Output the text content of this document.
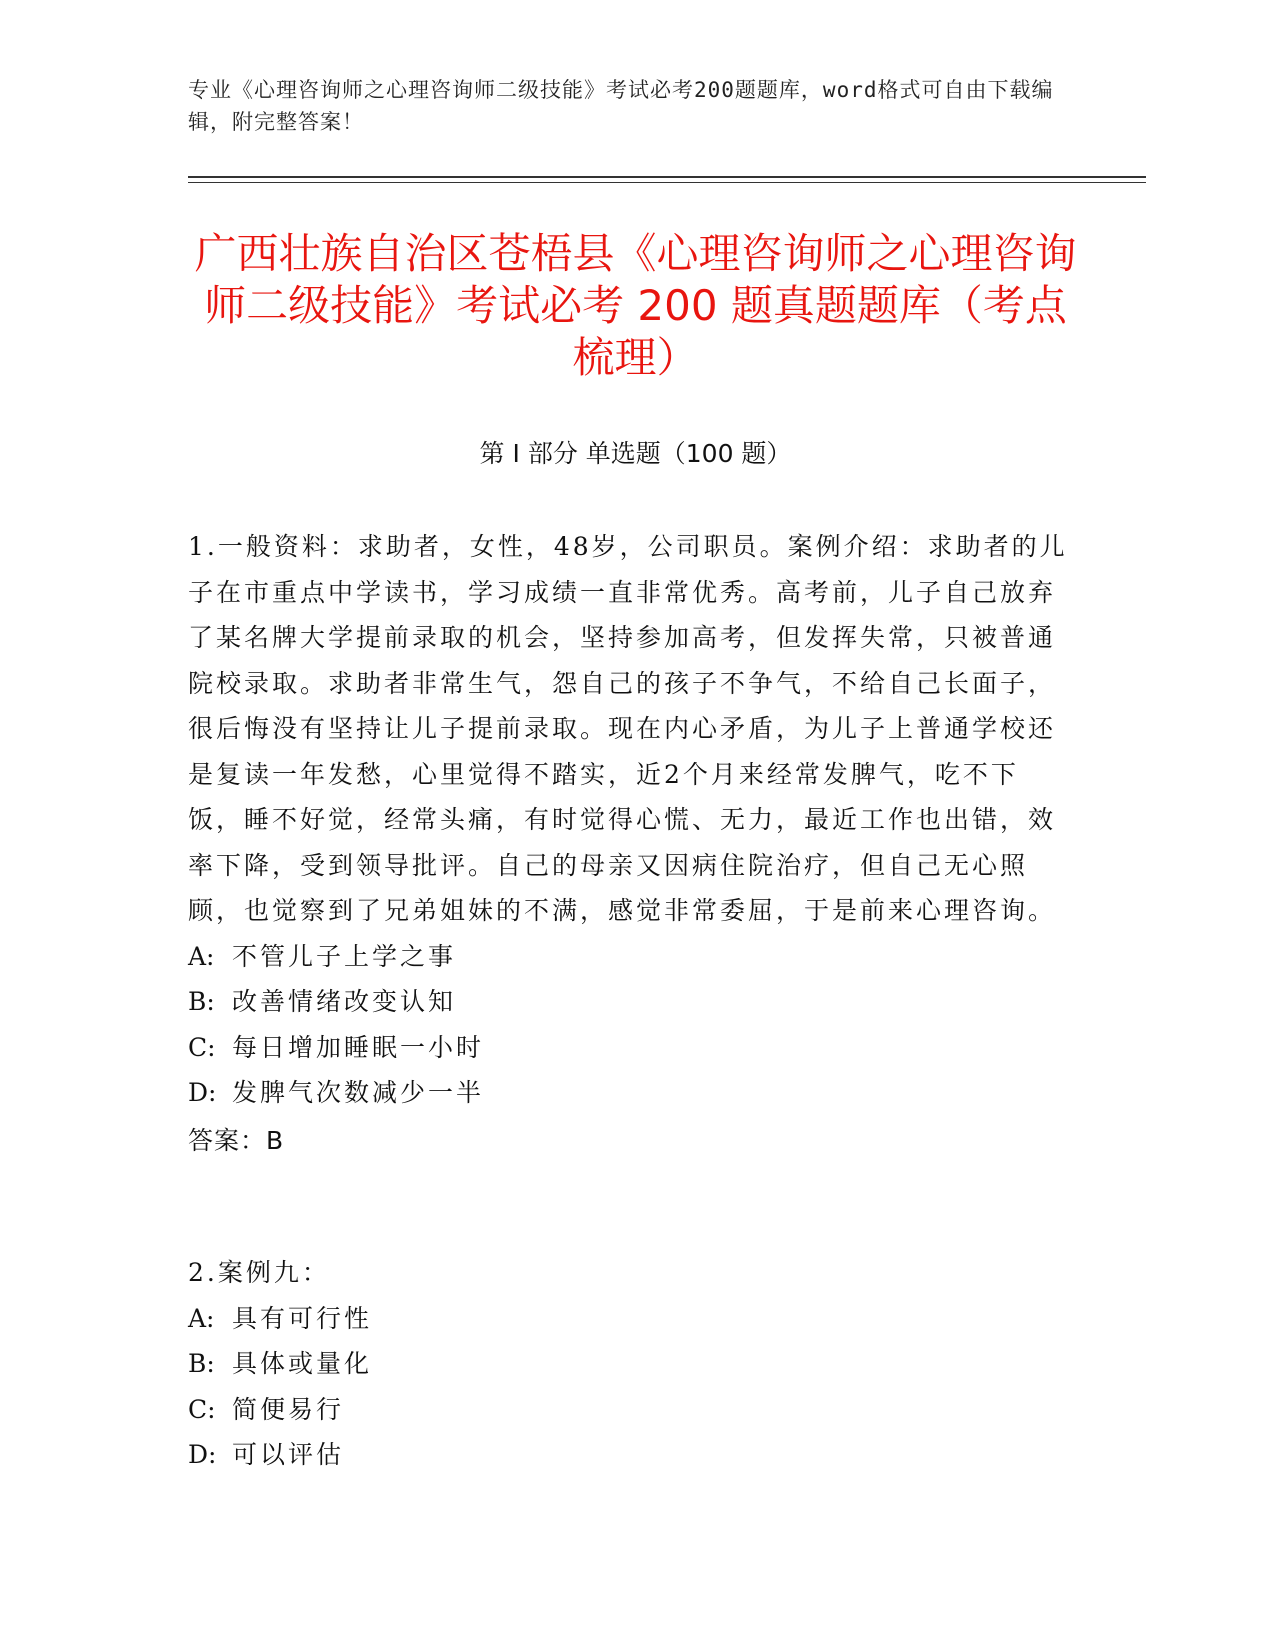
专业《心理咨询师之心理咨询师二级技能》考试必考200题题库，word格式可自由下载编辑，附完整答案！
广西壮族自治区苍梧县《心理咨询师之心理咨询师二级技能》考试必考 200 题真题题库（考点梳理）
第 I 部分 单选题（100 题）
1.一般资料：求助者，女性，48岁，公司职员。案例介绍：求助者的儿子在市重点中学读书，学习成绩一直非常优秀。高考前，儿子自己放弃了某名牌大学提前录取的机会，坚持参加高考，但发挥失常，只被普通院校录取。求助者非常生气，怨自己的孩子不争气，不给自己长面子，很后悔没有坚持让儿子提前录取。现在内心矛盾，为儿子上普通学校还是复读一年发愁，心里觉得不踏实，近2个月来经常发脾气，吃不下饭，睡不好觉，经常头痛，有时觉得心慌、无力，最近工作也出错，效率下降，受到领导批评。自己的母亲又因病住院治疗，但自己无心照顾，也觉察到了兄弟姐妹的不满，感觉非常委屈，于是前来心理咨询。
A: 不管儿子上学之事
B: 改善情绪改变认知
C: 每日增加睡眠一小时
D: 发脾气次数减少一半
答案：B
2.案例九：
A: 具有可行性
B: 具体或量化
C: 简便易行
D: 可以评估
